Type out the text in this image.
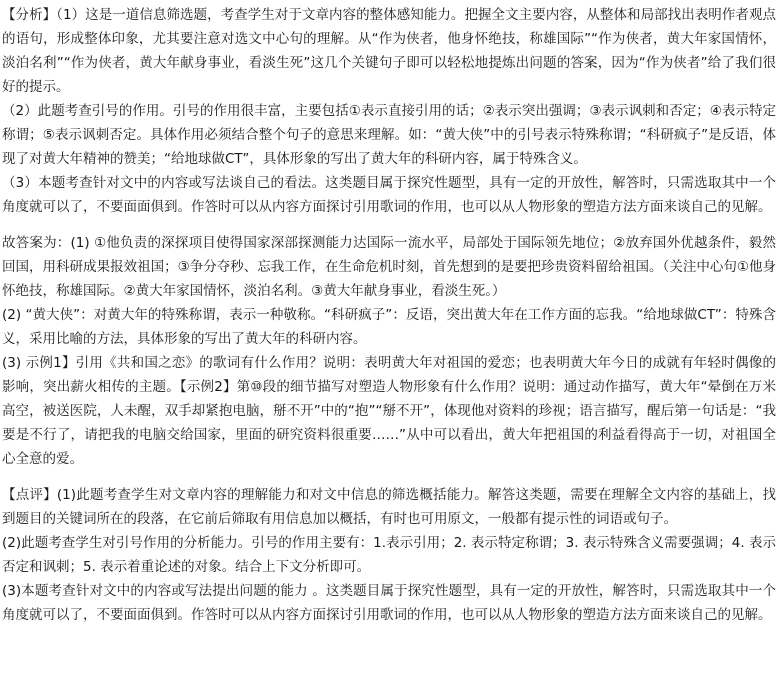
【分析】（1）这是一道信息筛选题，考查学生对于文章内容的整体感知能力。把握全文主要内容，从整体和局部找出表明作者观点的语句，形成整体印象，尤其要注意对选文中心句的理解。从“作为侠者，他身怀绝技，称雄国际”“作为侠者，黄大年家国情怀，淡泊名利”“作为侠者，黄大年献身事业，看淡生死”这几个关键句子即可以轻松地提炼出问题的答案，因为“作为侠者”给了我们很好的提示。

（2）此题考查引号的作用。引号的作用很丰富，主要包括①表示直接引用的话；②表示突出强调；③表示讽刺和否定；④表示特定称谓；⑤表示讽刺否定。具体作用必须结合整个句子的意思来理解。如：“黄大侠”中的引号表示特殊称谓；“科研疯子”是反语，体现了对黄大年精神的赞美；“给地球做CT”，具体形象的写出了黄大年的科研内容，属于特殊含义。

（3）本题考查针对文中的内容或写法谈自己的看法。这类题目属于探究性题型，具有一定的开放性，解答时，只需选取其中一个角度就可以了，不要面面俱到。作答时可以从内容方面探讨引用歌词的作用，也可以从人物形象的塑造方法方面来谈自己的见解。

故答案为：(1) ①他负责的深探项目使得国家深部探测能力达国际一流水平，局部处于国际领先地位；②放弃国外优越条件，毅然回国，用科研成果报效祖国；③争分夺秒、忘我工作，在生命危机时刻，首先想到的是要把珍贵资料留给祖国。（关注中心句①他身怀绝技，称雄国际。②黄大年家国情怀，淡泊名利。③黄大年献身事业，看淡生死。）

(2) “黄大侠”：对黄大年的特殊称谓，表示一种敬称。“科研疯子”：反语，突出黄大年在工作方面的忘我。“给地球做CT”：特殊含义，采用比喻的方法，具体形象的写出了黄大年的科研内容。

(3) 示例1】引用《共和国之恋》的歌词有什么作用？说明：表明黄大年对祖国的爱恋；也表明黄大年今日的成就有年轻时偶像的影响，突出薪火相传的主题。【示例2】第⑩段的细节描写对塑造人物形象有什么作用？说明：通过动作描写，黄大年“晕倒在万米高空，被送医院，人未醒，双手却紧抱电脑，掰不开”中的“抱”“掰不开”，体现他对资料的珍视；语言描写，醒后第一句话是：“我要是不行了，请把我的电脑交给国家，里面的研究资料很重要……”从中可以看出，黄大年把祖国的利益看得高于一切，对祖国全心全意的爱。

【点评】(1)此题考查学生对文章内容的理解能力和对文中信息的筛选概括能力。解答这类题，需要在理解全文内容的基础上，找到题目的关键词所在的段落，在它前后筛取有用信息加以概括，有时也可用原文，一般都有提示性的词语或句子。

(2)此题考查学生对引号作用的分析能力。引号的作用主要有：1.表示引用；2. 表示特定称谓；3. 表示特殊含义需要强调；4. 表示否定和讽刺；5. 表示着重论述的对象。结合上下文分析即可。

(3)本题考查针对文中的内容或写法提出问题的能力 。这类题目属于探究性题型，具有一定的开放性，解答时，只需选取其中一个角度就可以了，不要面面俱到。作答时可以从内容方面探讨引用歌词的作用，也可以从人物形象的塑造方法方面来谈自己的见解。
